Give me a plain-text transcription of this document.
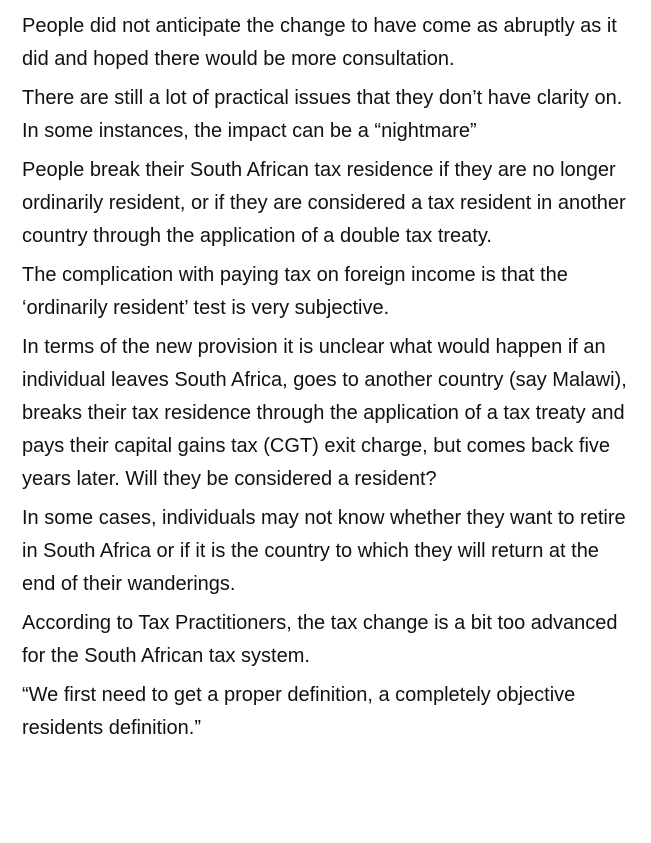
People did not anticipate the change to have come as abruptly as it did and hoped there would be more consultation.

There are still a lot of practical issues that they don’t have clarity on. In some instances, the impact can be a “nightmare”

People break their South African tax residence if they are no longer ordinarily resident, or if they are considered a tax resident in another country through the application of a double tax treaty.

The complication with paying tax on foreign income is that the ‘ordinarily resident’ test is very subjective.

In terms of the new provision it is unclear what would happen if an individual leaves South Africa, goes to another country (say Malawi), breaks their tax residence through the application of a tax treaty and pays their capital gains tax (CGT) exit charge, but comes back five years later. Will they be considered a resident?

In some cases, individuals may not know whether they want to retire in South Africa or if it is the country to which they will return at the end of their wanderings.

According to Tax Practitioners, the tax change is a bit too advanced for the South African tax system.

“We first need to get a proper definition, a completely objective residents definition.”
